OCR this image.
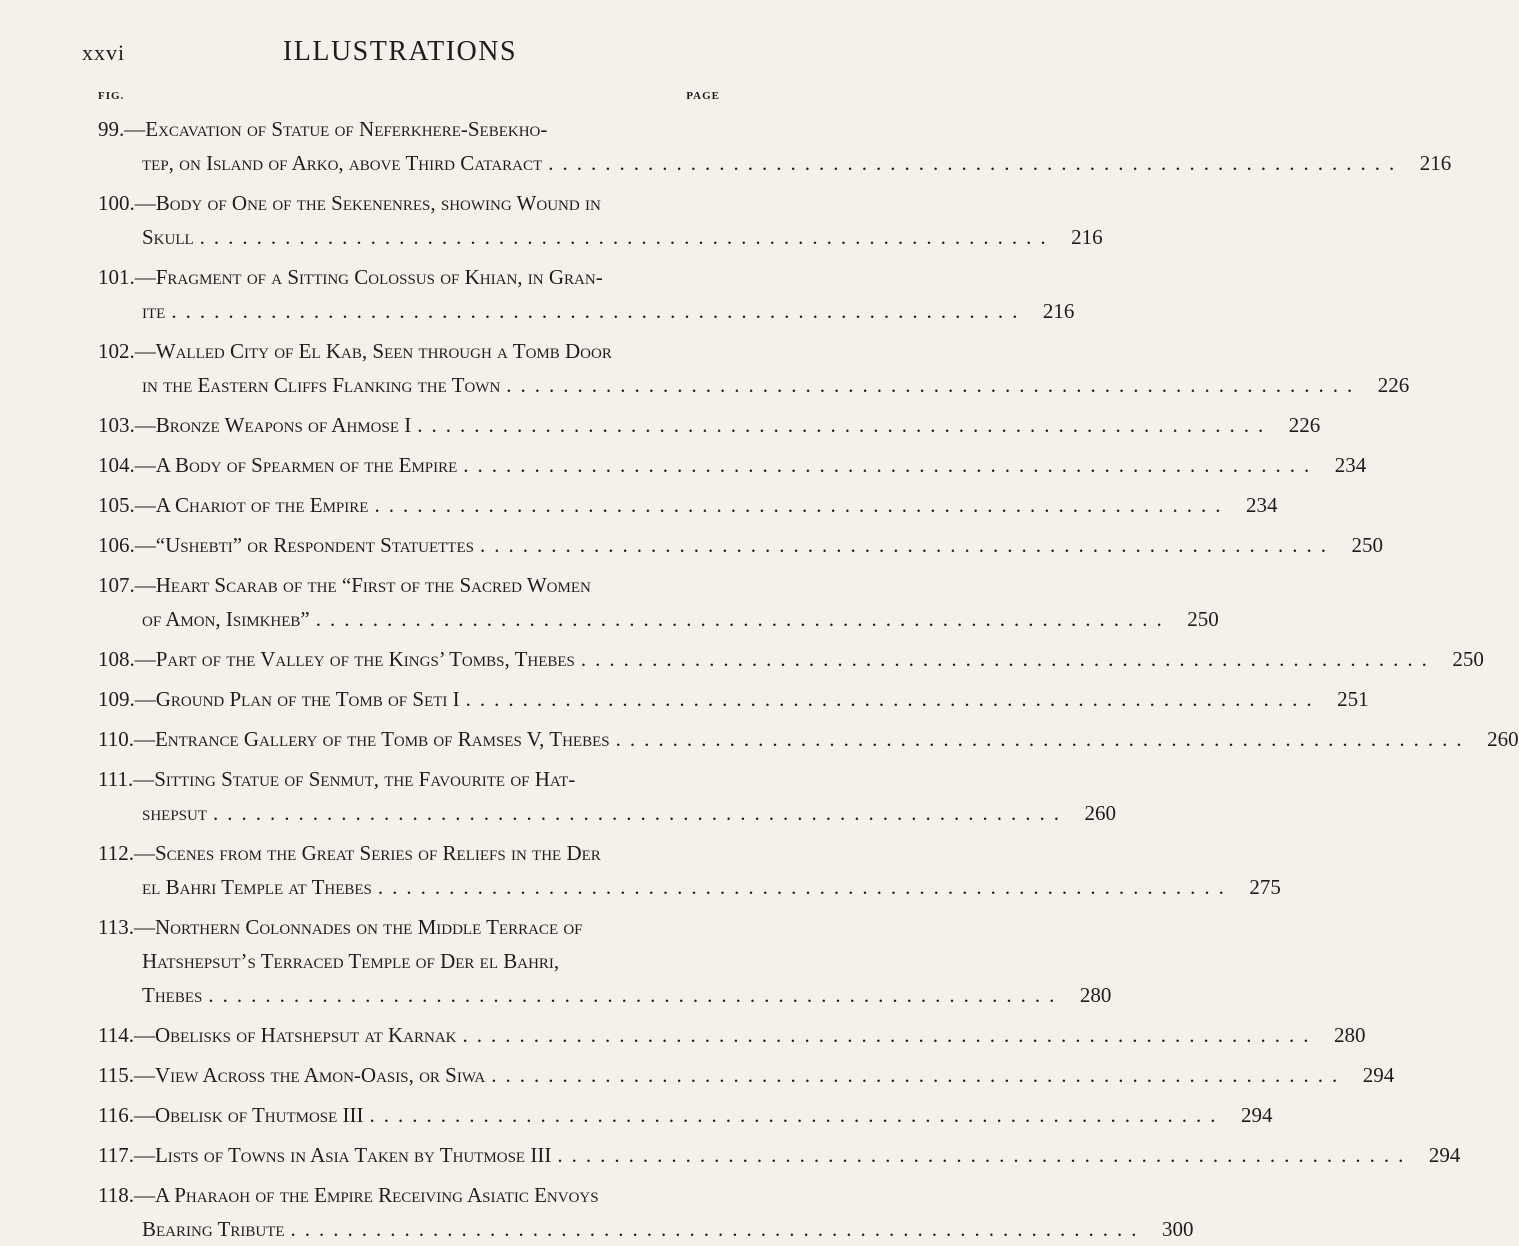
xxvi	ILLUSTRATIONS
FIG.	PAGE
99.—Excavation of Statue of Neferkhere-Sebekho-
tep, on Island of Arko, above Third Cataract ............................................................ 216
100.—Body of One of the Sekenenres, showing Wound in
Skull ............................................................ 216
101.—Fragment of a Sitting Colossus of Khian, in Gran-
ite ............................................................ 216
102.—Walled City of El Kab, Seen through a Tomb Door
in the Eastern Cliffs Flanking the Town ............................................................ 226
103.—Bronze Weapons of Ahmose I ............................................................ 226
104.—A Body of Spearmen of the Empire ............................................................ 234
105.—A Chariot of the Empire ............................................................ 234
106.—“Ushebti” or Respondent Statuettes ............................................................ 250
107.—Heart Scarab of the “First of the Sacred Women
of Amon, Isimkheb” ............................................................ 250
108.—Part of the Valley of the Kings’ Tombs, Thebes ............................................................ 250
109.—Ground Plan of the Tomb of Seti I ............................................................ 251
110.—Entrance Gallery of the Tomb of Ramses V, Thebes ............................................................ 260
111.—Sitting Statue of Senmut, the Favourite of Hat-
shepsut ............................................................ 260
112.—Scenes from the Great Series of Reliefs in the Der
el Bahri Temple at Thebes ............................................................ 275
113.—Northern Colonnades on the Middle Terrace of
Hatshepsut’s Terraced Temple of Der el Bahri,
Thebes ............................................................ 280
114.—Obelisks of Hatshepsut at Karnak ............................................................ 280
115.—View Across the Amon-Oasis, or Siwa ............................................................ 294
116.—Obelisk of Thutmose III ............................................................ 294
117.—Lists of Towns in Asia Taken by Thutmose III ............................................................ 294
118.—A Pharaoh of the Empire Receiving Asiatic Envoys
Bearing Tribute ............................................................ 300
